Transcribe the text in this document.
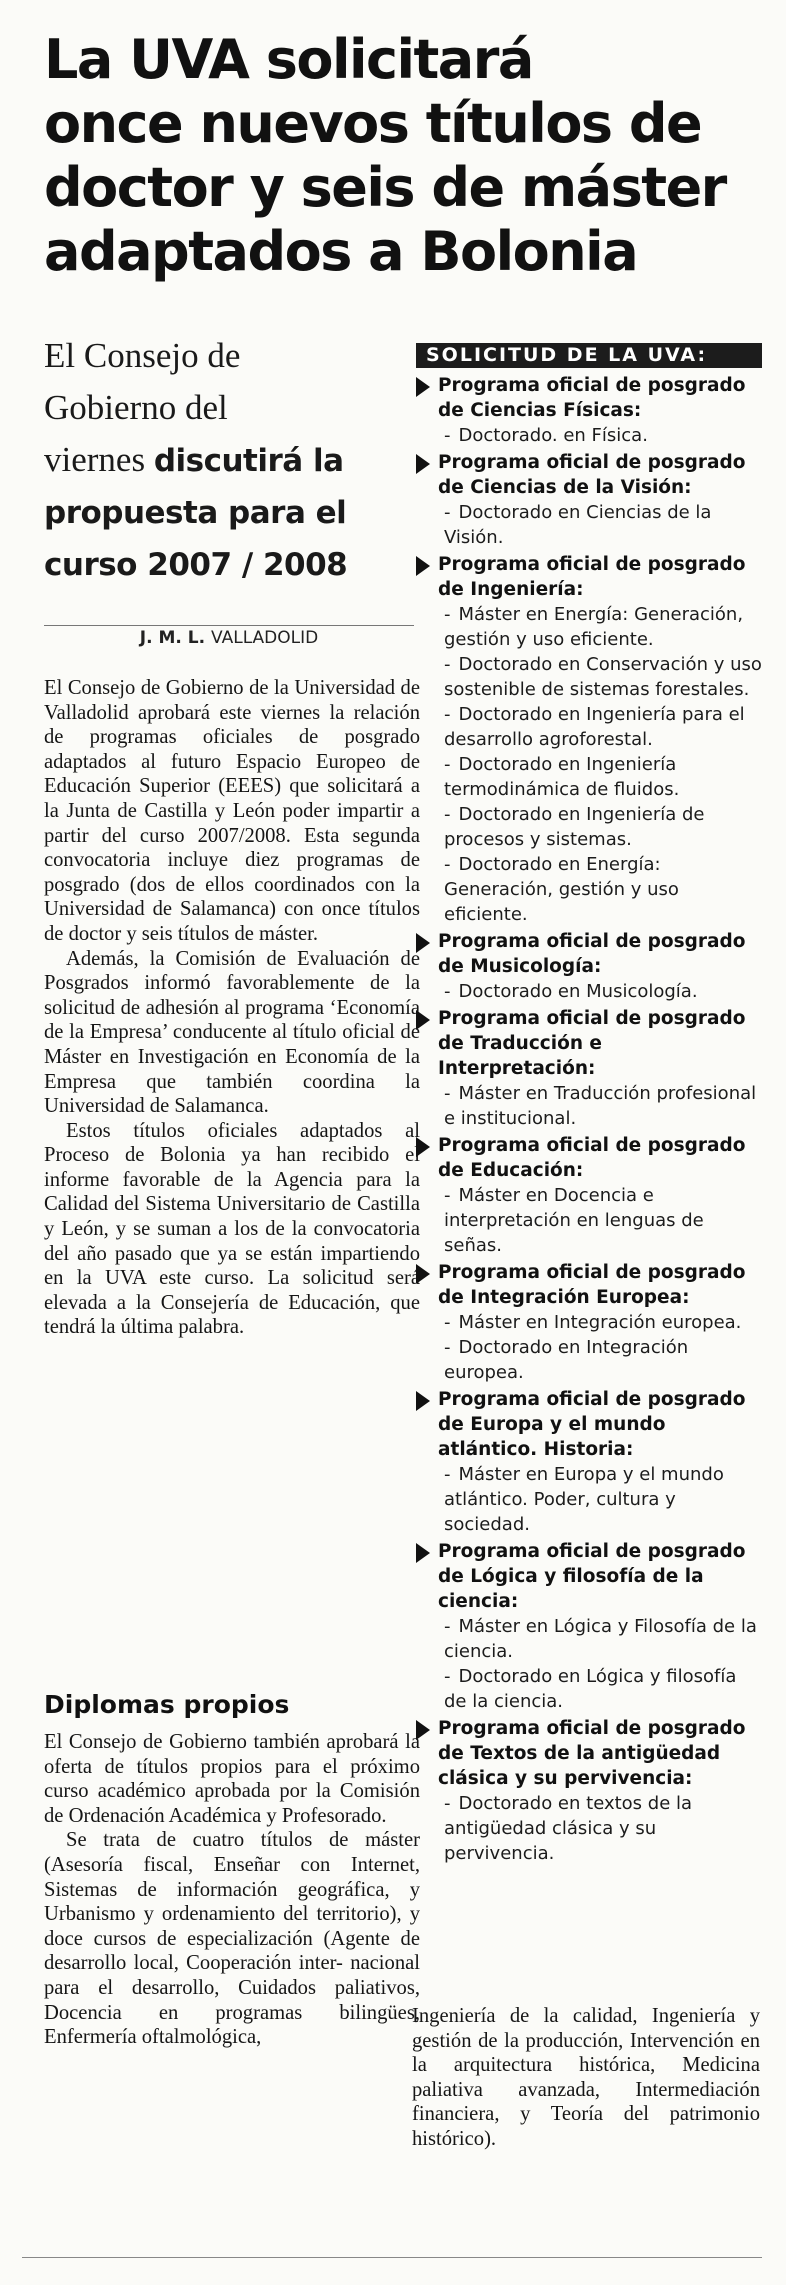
La UVA solicitará
once nuevos títulos de
doctor y seis de máster
adaptados a Bolonia
El Consejo de
Gobierno del
viernes discutirá la
propuesta para el
curso 2007 / 2008
J. M. L. VALLADOLID

El Consejo de Gobierno de la Universidad de Valladolid aprobará este viernes la relación de programas oficiales de posgrado adaptados al futuro Espacio Europeo de Educación Superior (EEES) que solicitará a la Junta de Castilla y León poder impartir a partir del curso 2007/2008. Esta segunda convocatoria incluye diez programas de posgrado (dos de ellos coordinados con la Universidad de Salamanca) con once títulos de doctor y seis títulos de máster.

Además, la Comisión de Evaluación de Posgrados informó favorablemente de la solicitud de adhesión al programa ‘Economía de la Empresa’ conducente al título oficial de Máster en Investigación en Economía de la Empresa que también coordina la Universidad de Salamanca.

Estos títulos oficiales adaptados al Proceso de Bolonia ya han recibido el informe favorable de la Agencia para la Calidad del Sistema Universitario de Castilla y León, y se suman a los de la convocatoria del año pasado que ya se están impartiendo en la UVA este curso. La solicitud será elevada a la Consejería de Educación, que tendrá la última palabra.

Diplomas propios

El Consejo de Gobierno también aprobará la oferta de títulos propios para el próximo curso académico aprobada por la Comisión de Ordenación Académica y Profesorado.

Se trata de cuatro títulos de máster (Asesoría fiscal, Enseñar con Internet, Sistemas de información geográfica, y Urbanismo y ordenamiento del territorio), y doce cursos de especialización (Agente de desarrollo local, Cooperación inter- nacional para el desarrollo, Cuidados paliativos, Docencia en programas bilingües, Enfermería oftalmológica,

Ingeniería de la calidad, Ingeniería y gestión de la producción, Intervención en la arquitectura histórica, Medicina paliativa avanzada, Intermediación financiera, y Teoría del patrimonio histórico).

SOLICITUD DE LA UVA:
Programa oficial de posgrado de Ciencias Físicas:
- Doctorado. en Física.
Programa oficial de posgrado de Ciencias de la Visión:
- Doctorado en Ciencias de la Visión.
Programa oficial de posgrado de Ingeniería:
- Máster en Energía: Generación, gestión y uso eficiente.
- Doctorado en Conservación y uso sostenible de sistemas forestales.
- Doctorado en Ingeniería para el desarrollo agroforestal.
- Doctorado en Ingeniería termodinámica de fluidos.
- Doctorado en Ingeniería de procesos y sistemas.
- Doctorado en Energía: Generación, gestión y uso eficiente.
Programa oficial de posgrado de Musicología:
- Doctorado en Musicología.
Programa oficial de posgrado de Traducción e Interpretación:
- Máster en Traducción profesional e institucional.
Programa oficial de posgrado de Educación:
- Máster en Docencia e interpretación en lenguas de señas.
Programa oficial de posgrado de Integración Europea:
- Máster en Integración europea.
- Doctorado en Integración europea.
Programa oficial de posgrado de Europa y el mundo atlántico. Historia:
- Máster en Europa y el mundo atlántico. Poder, cultura y sociedad.
Programa oficial de posgrado de Lógica y filosofía de la ciencia:
- Máster en Lógica y Filosofía de la ciencia.
- Doctorado en Lógica y filosofía de la ciencia.
Programa oficial de posgrado de Textos de la antigüedad clásica y su pervivencia:
- Doctorado en textos de la antigüedad clásica y su pervivencia.
